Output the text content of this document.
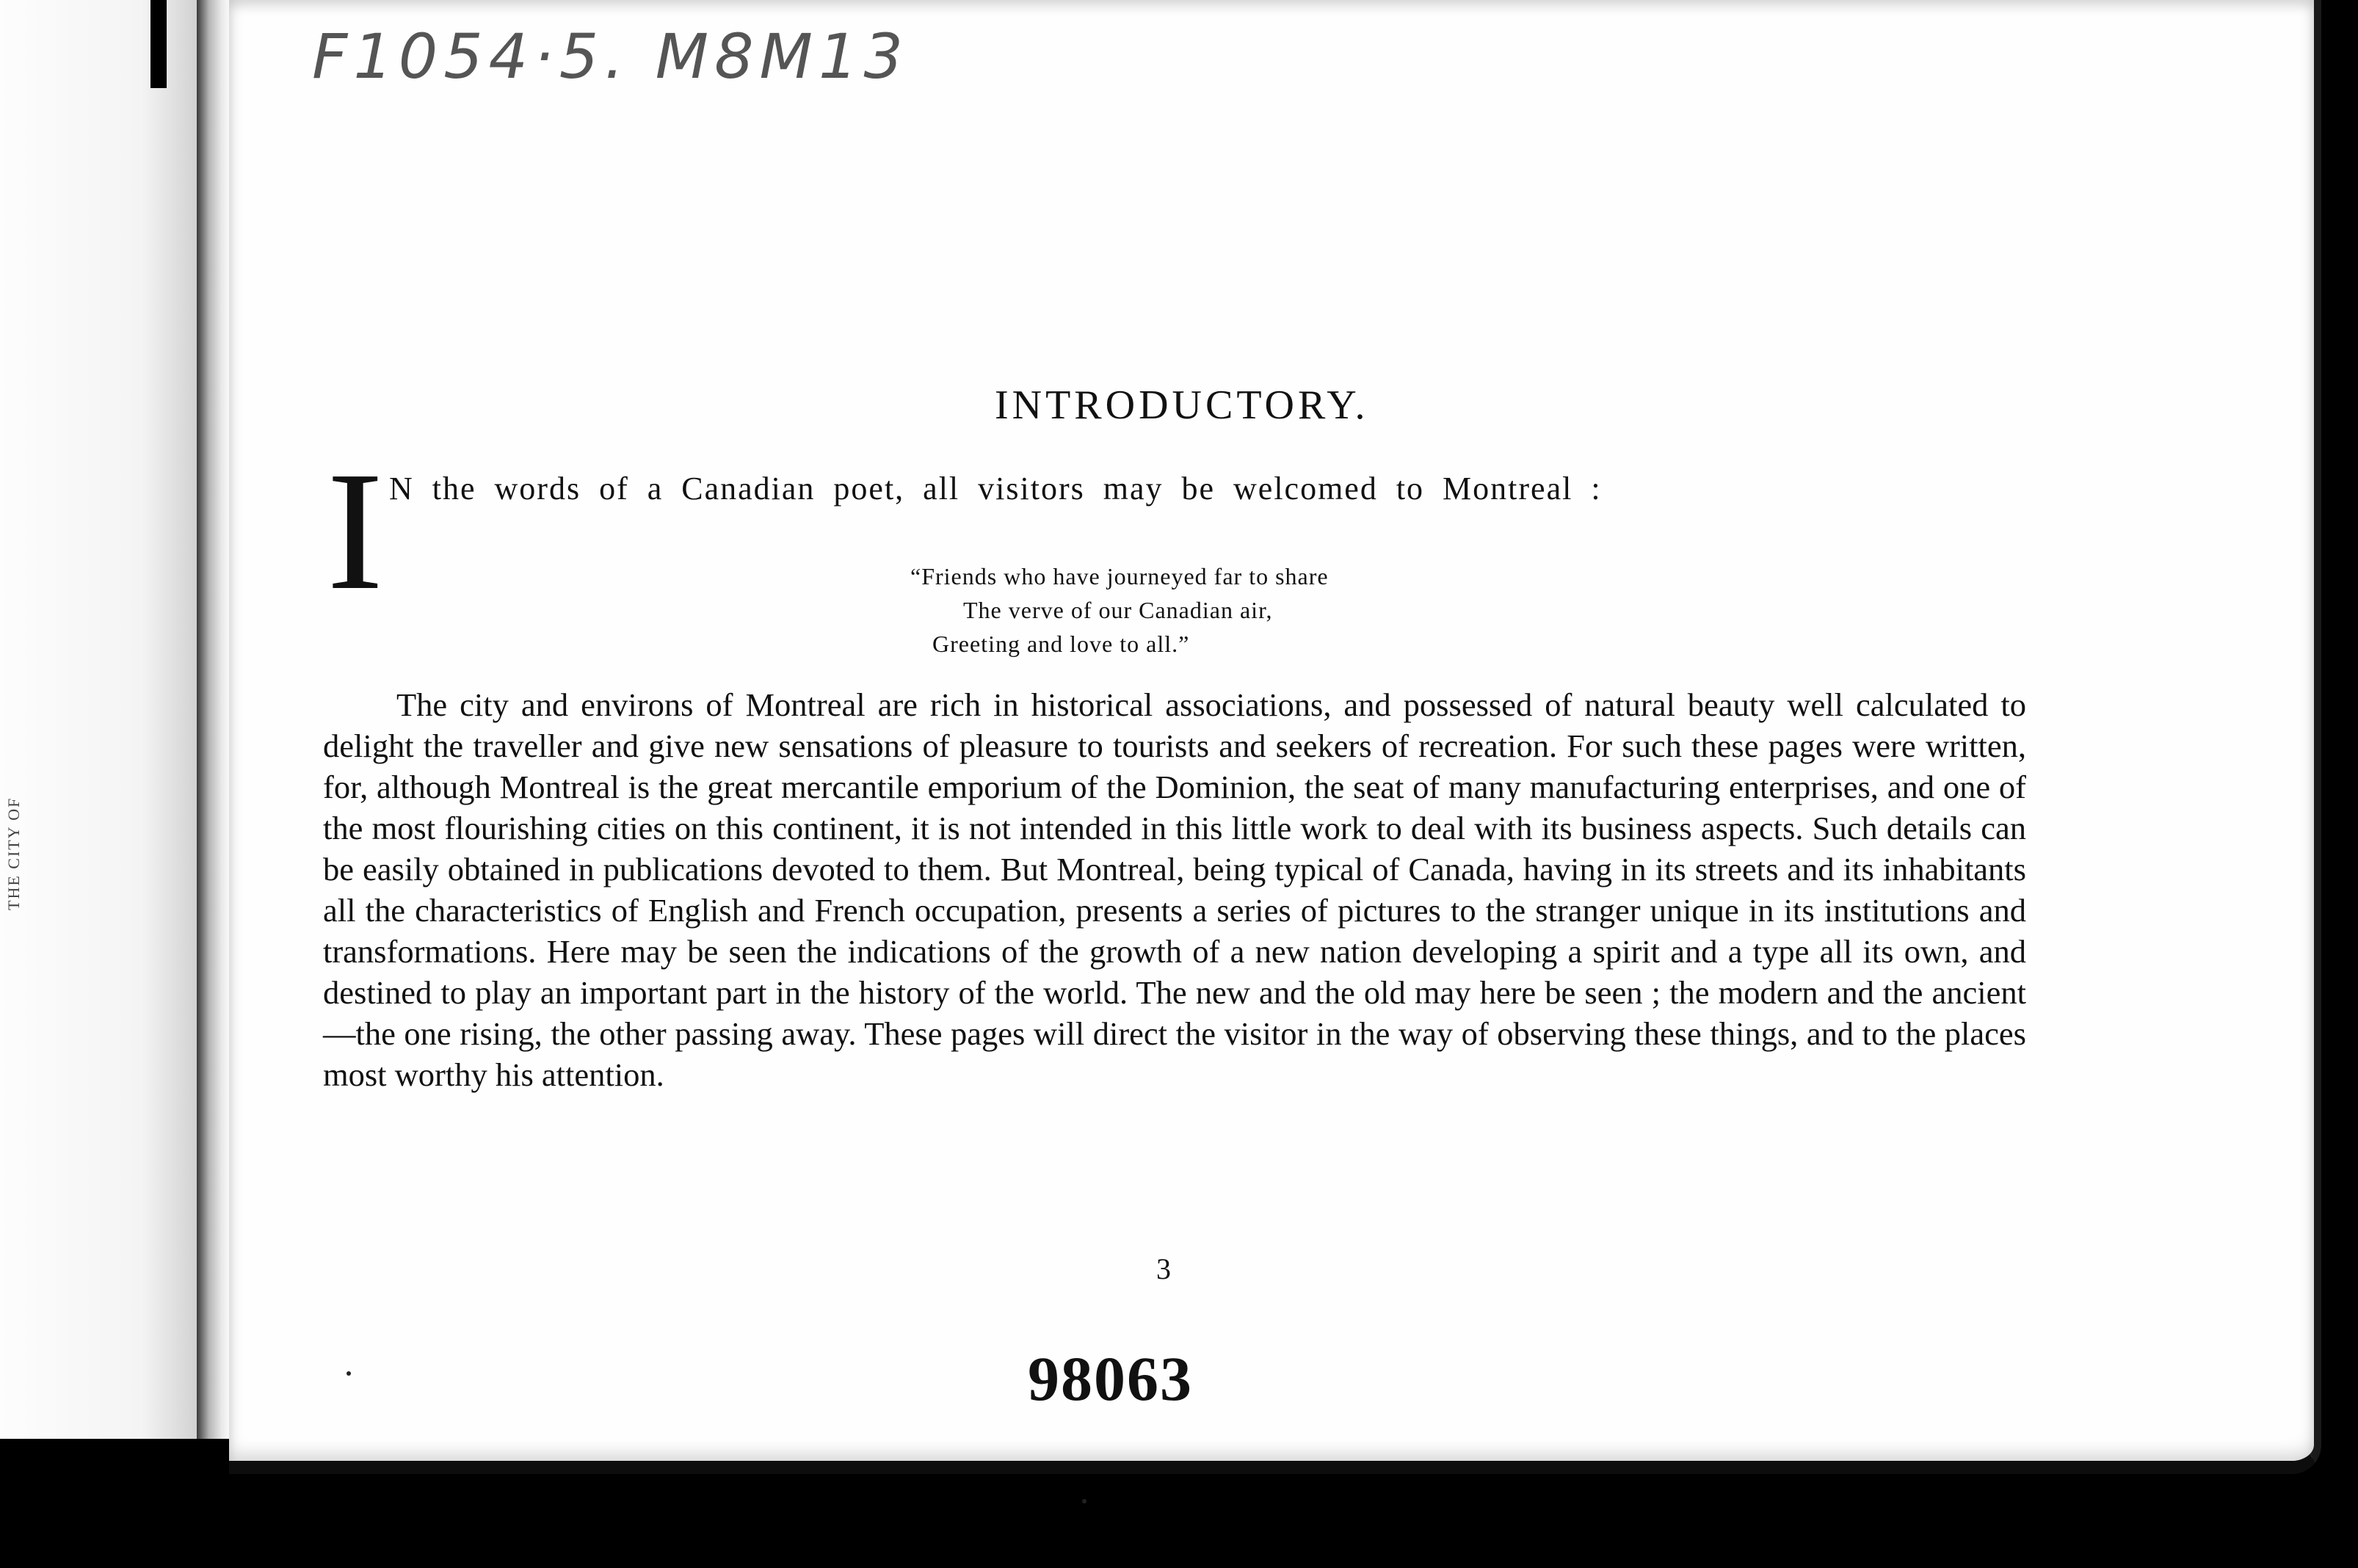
THE CITY OF
F1054·5. M8M13
INTRODUCTORY.
I N the words of a Canadian poet, all visitors may be welcomed to Montreal :
“Friends who have journeyed far to share
The verve of our Canadian air,
Greeting and love to all.”

The city and environs of Montreal are rich in historical associations, and possessed of natural beauty well calculated to delight the traveller and give new sensations of pleasure to tourists and seekers of recreation. For such these pages were written, for, although Montreal is the great mercantile emporium of the Dominion, the seat of many manufacturing enterprises, and one of the most flourishing cities on this continent, it is not intended in this little work to deal with its business aspects. Such details can be easily obtained in publications devoted to them. But Montreal, being typical of Canada, having in its streets and its inhabitants all the characteristics of English and French occupation, presents a series of pictures to the stranger unique in its institutions and transformations. Here may be seen the indications of the growth of a new nation developing a spirit and a type all its own, and destined to play an important part in the history of the world. The new and the old may here be seen ; the modern and the ancient—the one rising, the other passing away. These pages will direct the visitor in the way of observing these things, and to the places most worthy his attention.

3
98063
